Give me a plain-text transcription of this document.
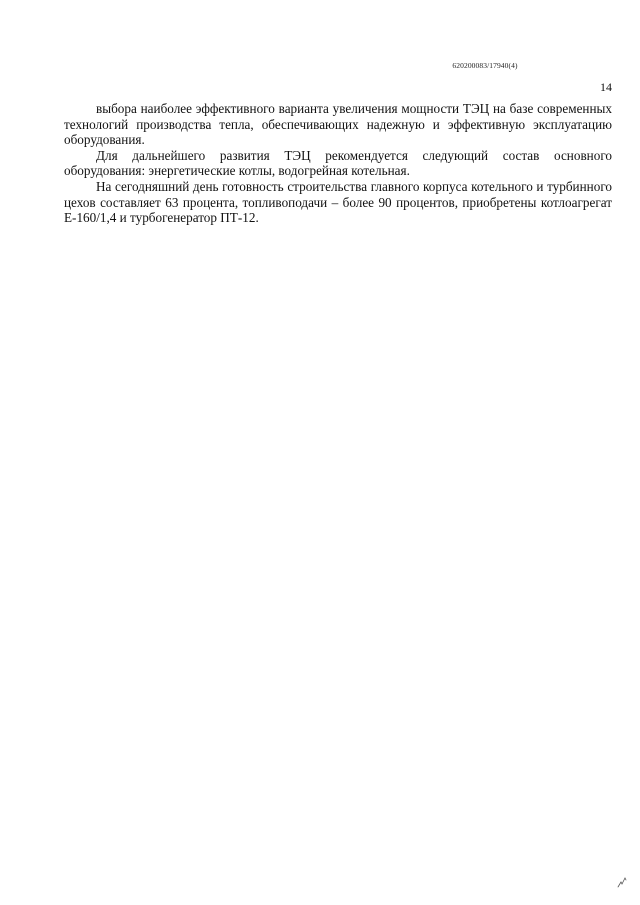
620200083/17940(4)
14

выбора наиболее эффективного варианта увеличения мощности ТЭЦ на базе современных технологий производства тепла, обеспечивающих надежную и эффективную эксплуатацию оборудования.

Для дальнейшего развития ТЭЦ рекомендуется следующий состав основного оборудования: энергетические котлы, водогрейная котельная.

На сегодняшний день готовность строительства главного корпуса котельного и турбинного цехов составляет 63 процента, топливоподачи – более 90 процентов, приобретены котлоагрегат Е-160/1,4 и турбогенератор ПТ-12.
